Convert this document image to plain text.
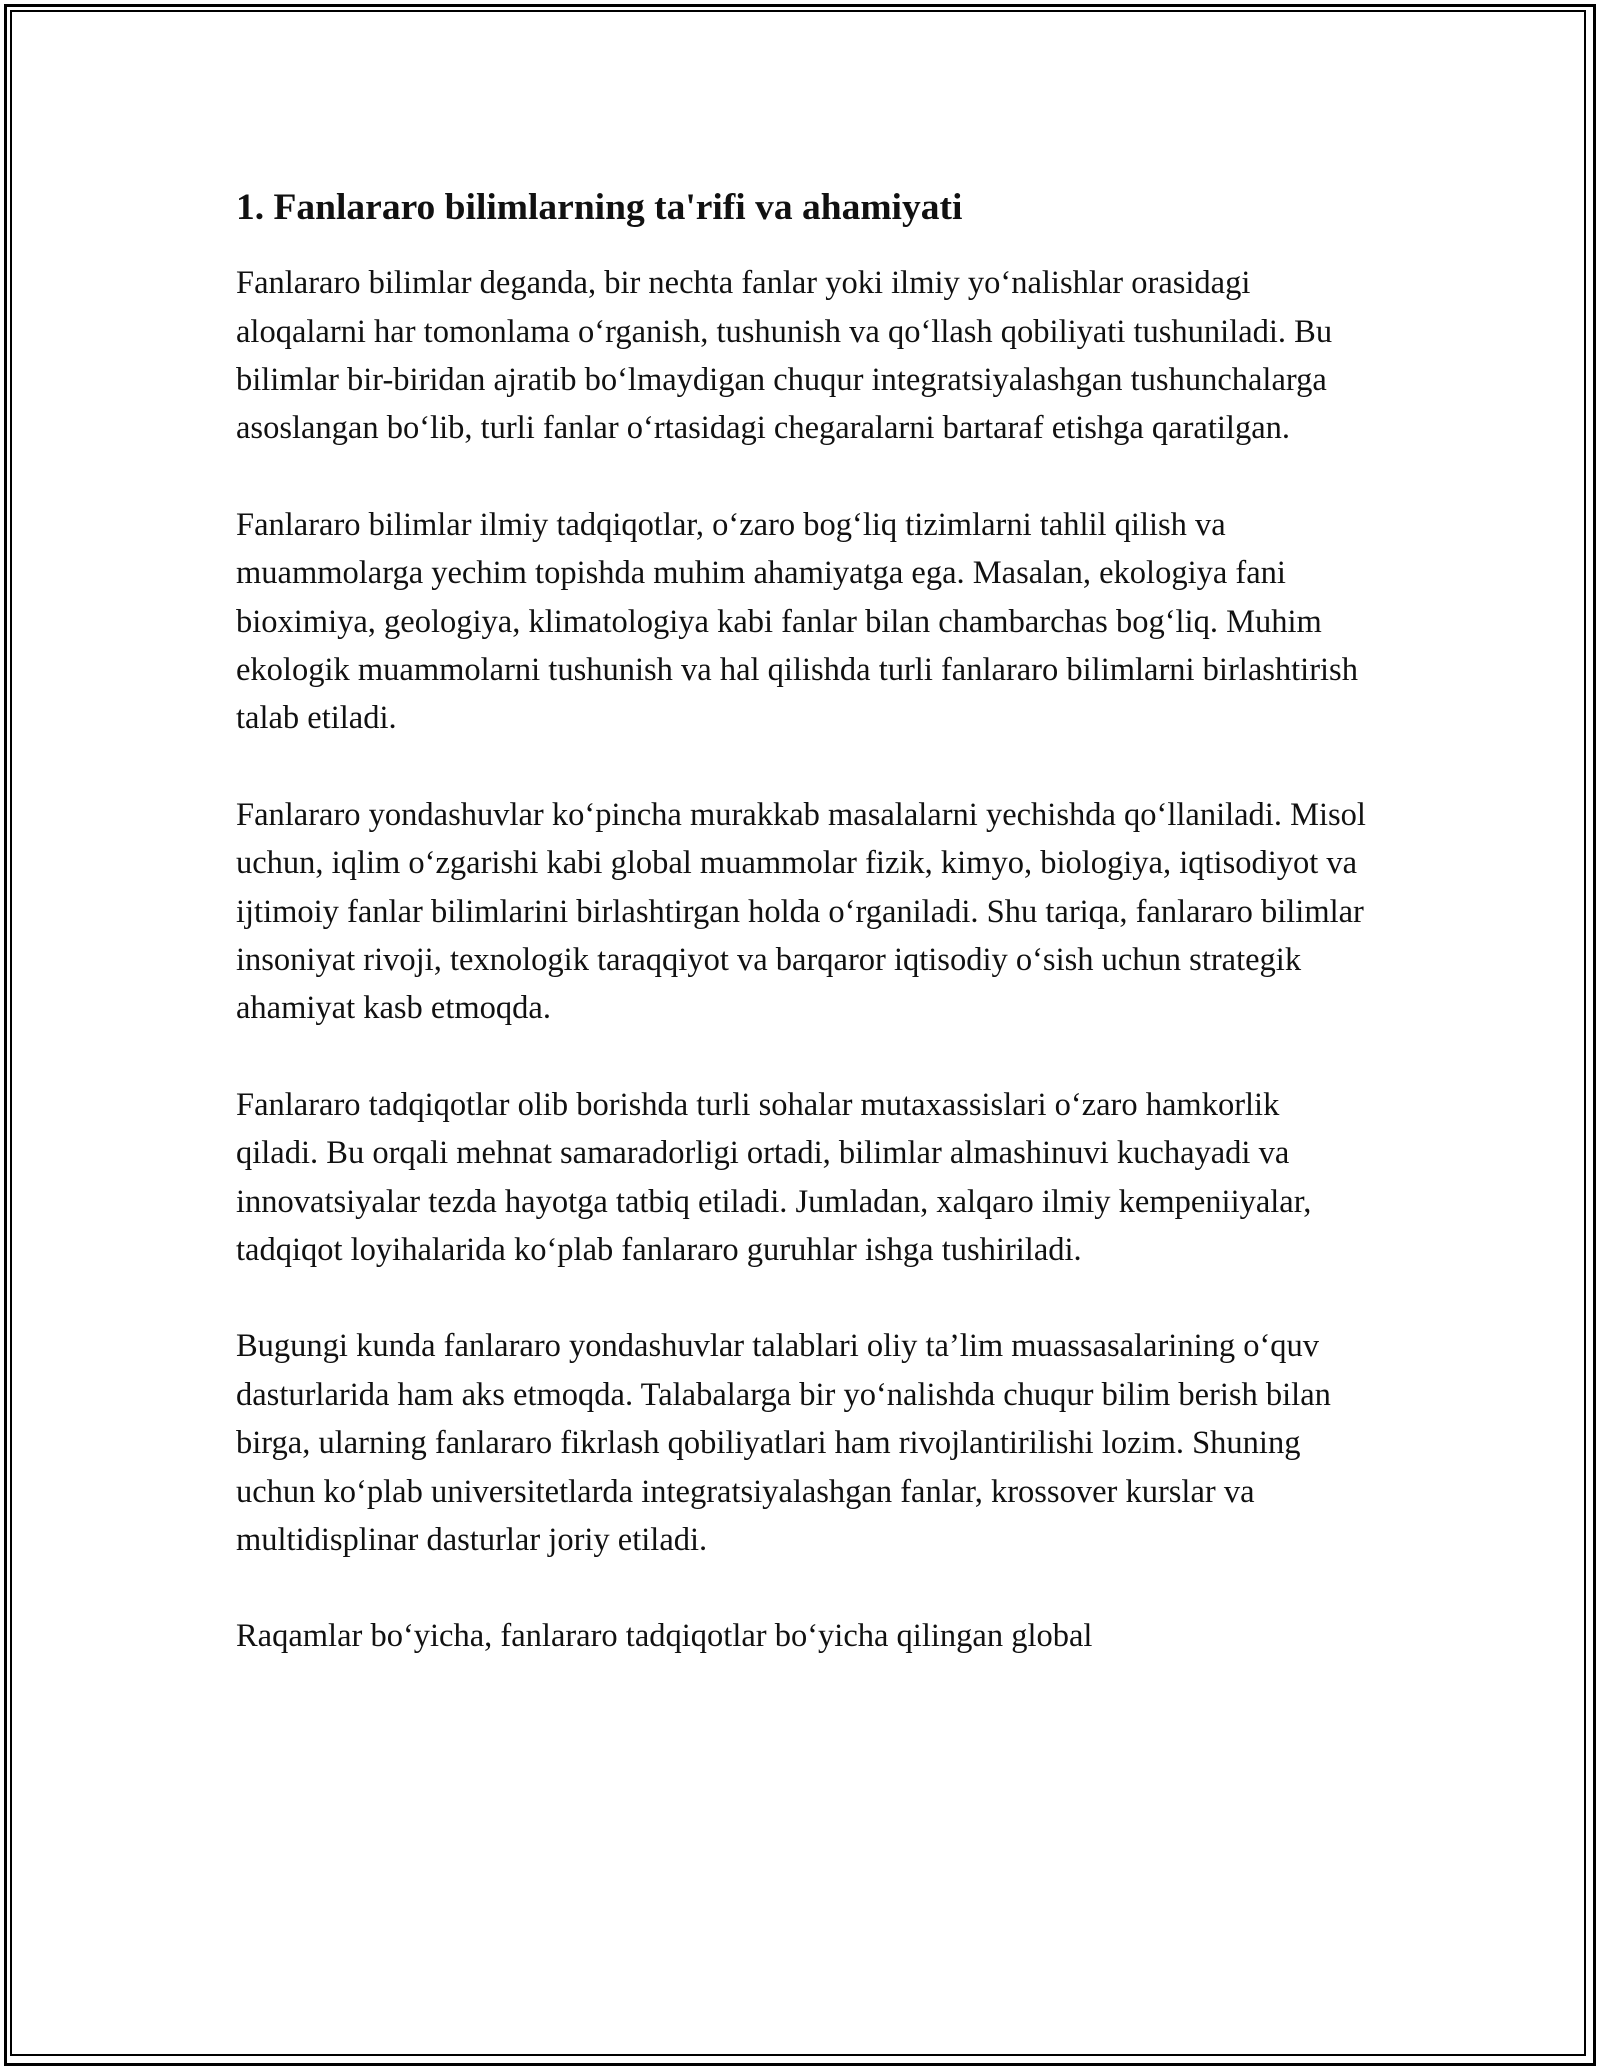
1. Fanlararo bilimlarning ta'rifi va ahamiyati

Fanlararo bilimlar deganda, bir nechta fanlar yoki ilmiy yoʻnalishlar orasidagi aloqalarni har tomonlama oʻrganish, tushunish va qoʻllash qobiliyati tushuniladi. Bu bilimlar bir-biridan ajratib boʻlmaydigan chuqur integratsiyalashgan tushunchalarga asoslangan boʻlib, turli fanlar oʻrtasidagi chegaralarni bartaraf etishga qaratilgan.

Fanlararo bilimlar ilmiy tadqiqotlar, oʻzaro bogʻliq tizimlarni tahlil qilish va muammolarga yechim topishda muhim ahamiyatga ega. Masalan, ekologiya fani bioximiya, geologiya, klimatologiya kabi fanlar bilan chambarchas bogʻliq. Muhim ekologik muammolarni tushunish va hal qilishda turli fanlararo bilimlarni birlashtirish talab etiladi.

Fanlararo yondashuvlar koʻpincha murakkab masalalarni yechishda qoʻllaniladi. Misol uchun, iqlim oʻzgarishi kabi global muammolar fizik, kimyo, biologiya, iqtisodiyot va ijtimoiy fanlar bilimlarini birlashtirgan holda oʻrganiladi. Shu tariqa, fanlararo bilimlar insoniyat rivoji, texnologik taraqqiyot va barqaror iqtisodiy oʻsish uchun strategik ahamiyat kasb etmoqda.

Fanlararo tadqiqotlar olib borishda turli sohalar mutaxassislari oʻzaro hamkorlik qiladi. Bu orqali mehnat samaradorligi ortadi, bilimlar almashinuvi kuchayadi va innovatsiyalar tezda hayotga tatbiq etiladi. Jumladan, xalqaro ilmiy kempeniiyalar, tadqiqot loyihalarida koʻplab fanlararo guruhlar ishga tushiriladi.

Bugungi kunda fanlararo yondashuvlar talablari oliy ta’lim muassasalarining oʻquv dasturlarida ham aks etmoqda. Talabalarga bir yoʻnalishda chuqur bilim berish bilan birga, ularning fanlararo fikrlash qobiliyatlari ham rivojlantirilishi lozim. Shuning uchun koʻplab universitetlarda integratsiyalashgan fanlar, krossover kurslar va multidisplinar dasturlar joriy etiladi.

Raqamlar boʻyicha, fanlararo tadqiqotlar boʻyicha qilingan global
